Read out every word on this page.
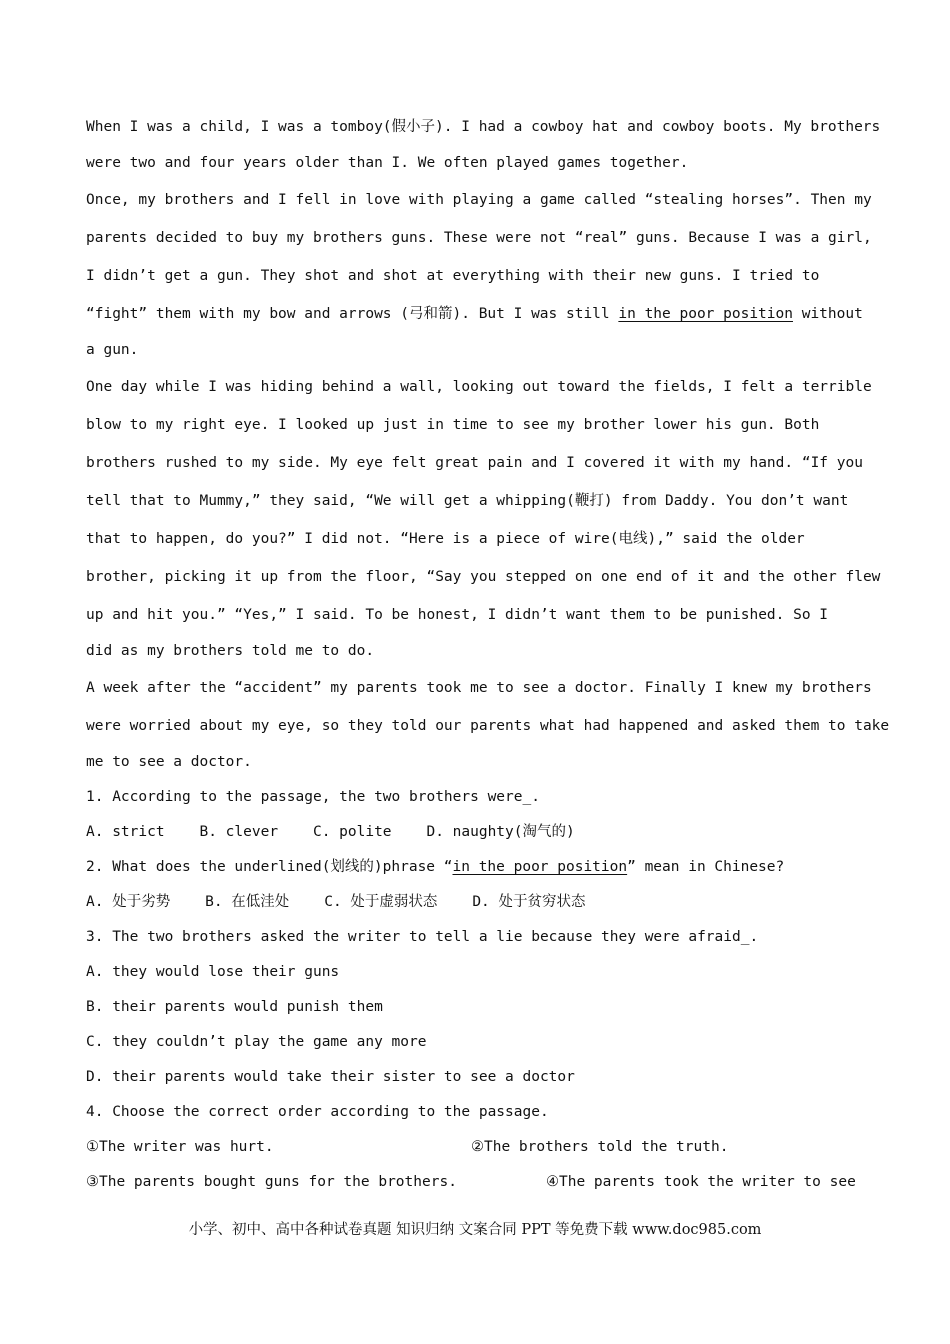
When I was a child, I was a tomboy(假小子). I had a cowboy hat and cowboy boots. My brothers
were two and four years older than I. We often played games together.
Once, my brothers and I fell in love with playing a game called “stealing horses”. Then my
parents decided to buy my brothers guns. These were not “real” guns. Because I was a girl,
I didn’t get a gun. They shot and shot at everything with their new guns. I tried to
“fight” them with my bow and arrows (弓和箭). But I was still in the poor position without
a gun.
One day while I was hiding behind a wall, looking out toward the fields, I felt a terrible
blow to my right eye. I looked up just in time to see my brother lower his gun. Both
brothers rushed to my side. My eye felt great pain and I covered it with my hand. “If you
tell that to Mummy,” they said, “We will get a whipping(鞭打) from Daddy. You don’t want
that to happen, do you?” I did not. “Here is a piece of wire(电线),” said the older
brother, picking it up from the floor, “Say you stepped on one end of it and the other flew
up and hit you.” “Yes,” I said. To be honest, I didn’t want them to be punished. So I
did as my brothers told me to do.
A week after the “accident” my parents took me to see a doctor. Finally I knew my brothers
were worried about my eye, so they told our parents what had happened and asked them to take
me to see a doctor.
1. According to the passage, the two brothers were_.
A. strict    B. clever    C. polite    D. naughty(淘气的)
2. What does the underlined(划线的)phrase “in the poor position” mean in Chinese?
A. 处于劣势    B. 在低洼处    C. 处于虚弱状态    D. 处于贫穷状态
3. The two brothers asked the writer to tell a lie because they were afraid_.
A. they would lose their guns
B. their parents would punish them
C. they couldn’t play the game any more
D. their parents would take their sister to see a doctor
4. Choose the correct order according to the passage.
①The writer was hurt.	②The brothers told the truth.
③The parents bought guns for the brothers.	④The parents took the writer to see
小学、初中、高中各种试卷真题 知识归纳 文案合同 PPT 等免费下载 www.doc985.com
